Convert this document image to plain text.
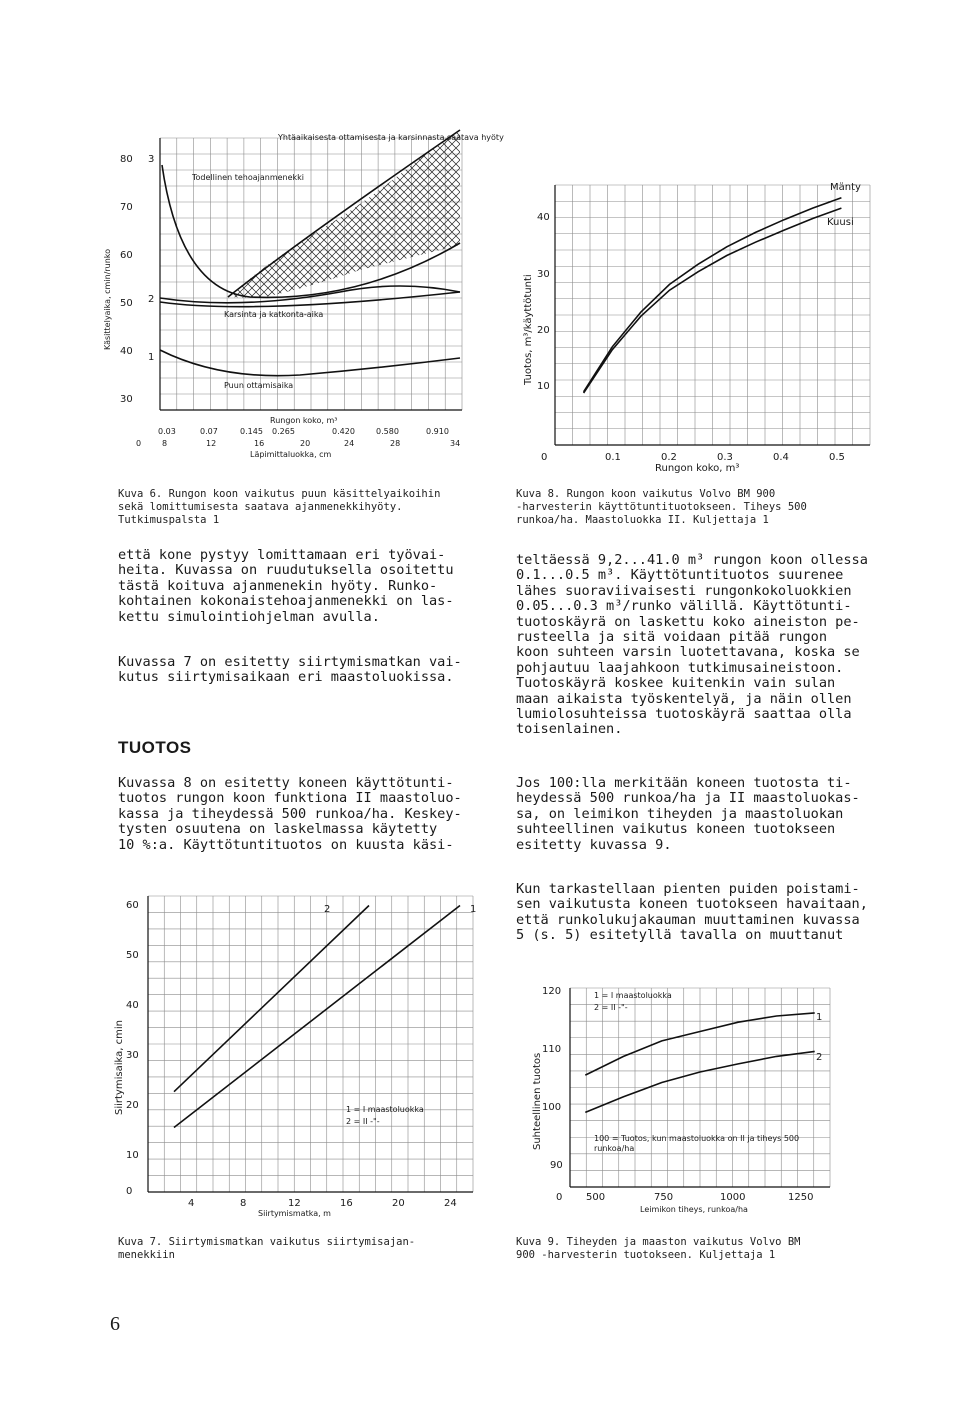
Käsittelyaika, cmin/runko
80
70
60
50
40
30
3
2
1
Yhtäaikaisesta ottamisesta ja karsinnasta saatava hyöty
Todellinen tehoajanmenekki
Karsinta ja katkonta-aika
Puun ottamisaika
Rungon koko, m³
0.03	0.07	0.145 0.265	0.420	0.580	0.910
0	8	12	16	20	24	28	34
Läpimittaluokka, cm
Tuotos, m³/käyttötunti
40
30
20
10
0	0.1	0.2	0.3	0.4	0.5
Rungon koko, m³
Mänty
Kuusi
Kuva 6. Rungon koon vaikutus puun käsittelyaikoihin
sekä lomittumisesta saatava ajanmenekkihyöty.
Tutkimuspalsta 1
Kuva 8. Rungon koon vaikutus Volvo BM 900
-harvesterin käyttötuntituotokseen. Tiheys 500
runkoa/ha. Maastoluokka II. Kuljettaja 1
että kone pystyy lomittamaan eri työvai-
heita. Kuvassa on ruudutuksella osoitettu
tästä koituva ajanmenekin hyöty. Runko-
kohtainen kokonaistehoajanmenekki on las-
kettu simulointiohjelman avulla.
Kuvassa 7 on esitetty siirtymismatkan vai-
kutus siirtymisaikaan eri maastoluokissa.
TUOTOS
Kuvassa 8 on esitetty koneen käyttötunti-
tuotos rungon koon funktiona II maastoluo-
kassa ja tiheydessä 500 runkoa/ha. Keskey-
tysten osuutena on laskelmassa käytetty
10 %:a. Käyttötuntituotos on kuusta käsi-
teltäessä 9,2...41.0 m³ rungon koon ollessa
0.1...0.5 m³. Käyttötuntituotos suurenee
lähes suoraviivaisesti rungonkokoluokkien
0.05...0.3 m³/runko välillä. Käyttötunti-
tuotoskäyrä on laskettu koko aineiston pe-
rusteella ja sitä voidaan pitää rungon
koon suhteen varsin luotettavana, koska se
pohjautuu laajahkoon tutkimusaineistoon.
Tuotoskäyrä koskee kuitenkin vain sulan
maan aikaista työskentelyä, ja näin ollen
lumiolosuhteissa tuotoskäyrä saattaa olla
toisenlainen.
Jos 100:lla merkitään koneen tuotosta ti-
heydessä 500 runkoa/ha ja II maastoluokas-
sa, on leimikon tiheyden ja maastoluokan
suhteellinen vaikutus koneen tuotokseen
esitetty kuvassa 9.
Kun tarkastellaan pienten puiden poistami-
sen vaikutusta koneen tuotokseen havaitaan,
että runkolukujakauman muuttaminen kuvassa
5 (s. 5) esitetyllä tavalla on muuttanut
Siirtymisaika, cmin
60
50
40
30
20
10
0
4	8	12	16	20	24
Siirtymismatka, m
2	1
1 = I maastoluokka
2 = II -"-	Suhteellinen tuotos
120
110
100
90
0 500	750	1000	1250
Leimikon tiheys, runkoa/ha
1 = I maastoluokka
2 = II -"-
1
2
100 = Tuotos, kun maastoluokka on II ja tiheys 500 runkoa/ha
Kuva 7. Siirtymismatkan vaikutus siirtymisajan-
menekkiin
Kuva 9. Tiheyden ja maaston vaikutus Volvo BM
900 -harvesterin tuotokseen. Kuljettaja 1
6
